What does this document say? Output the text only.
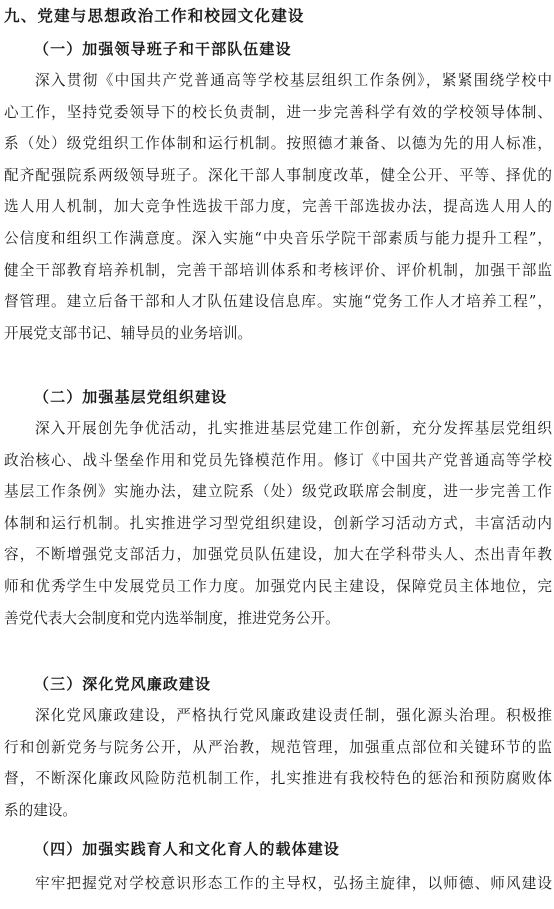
九、党建与思想政治工作和校园文化建设
（一）加强领导班子和干部队伍建设
深入贯彻《中国共产党普通高等学校基层组织工作条例》，紧紧围绕学校中
心工作，坚持党委领导下的校长负责制，进一步完善科学有效的学校领导体制、
系（处）级党组织工作体制和运行机制。按照德才兼备、以德为先的用人标准，
配齐配强院系两级领导班子。深化干部人事制度改革，健全公开、平等、择优的
选人用人机制，加大竞争性选拔干部力度，完善干部选拔办法，提高选人用人的
公信度和组织工作满意度。深入实施“中央音乐学院干部素质与能力提升工程”，
健全干部教育培养机制，完善干部培训体系和考核评价、评价机制，加强干部监
督管理。建立后备干部和人才队伍建设信息库。实施“党务工作人才培养工程”，
开展党支部书记、辅导员的业务培训。
（二）加强基层党组织建设
深入开展创先争优活动，扎实推进基层党建工作创新，充分发挥基层党组织
政治核心、战斗堡垒作用和党员先锋模范作用。修订《中国共产党普通高等学校
基层工作条例》实施办法，建立院系（处）级党政联席会制度，进一步完善工作
体制和运行机制。扎实推进学习型党组织建设，创新学习活动方式，丰富活动内
容，不断增强党支部活力，加强党员队伍建设，加大在学科带头人、杰出青年教
师和优秀学生中发展党员工作力度。加强党内民主建设，保障党员主体地位，完
善党代表大会制度和党内选举制度，推进党务公开。
（三）深化党风廉政建设
深化党风廉政建设，严格执行党风廉政建设责任制，强化源头治理。积极推
行和创新党务与院务公开，从严治教，规范管理，加强重点部位和关键环节的监
督，不断深化廉政风险防范机制工作，扎实推进有我校特色的惩治和预防腐败体
系的建设。
（四）加强实践育人和文化育人的载体建设
牢牢把握党对学校意识形态工作的主导权，弘扬主旋律，以师德、师风建设
